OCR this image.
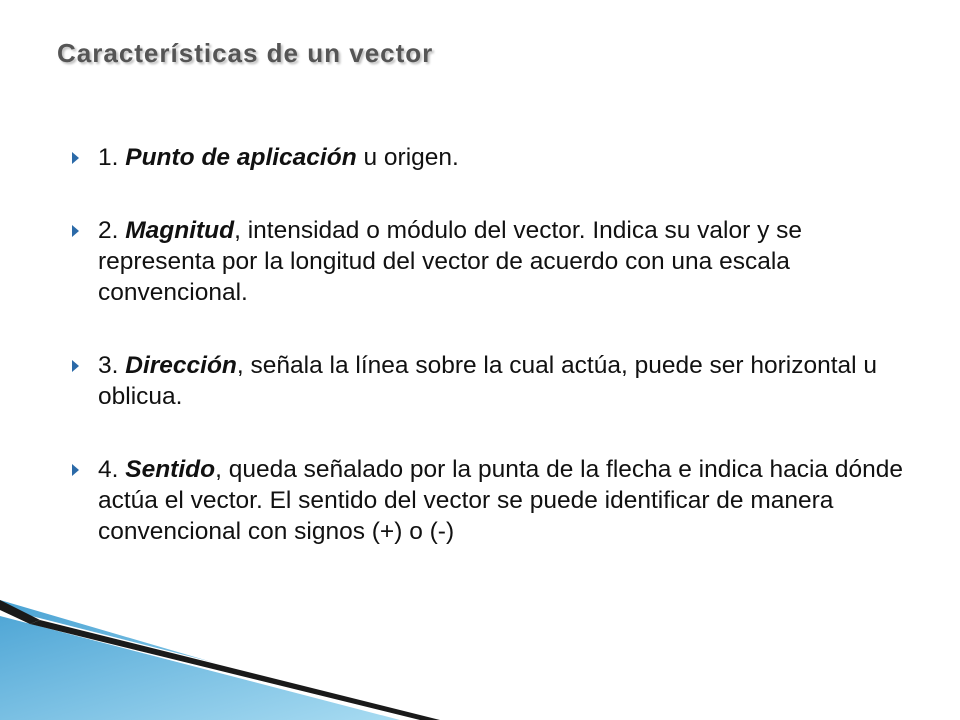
Características de un vector
1. Punto de aplicación u origen.
2. Magnitud, intensidad o módulo del vector. Indica su valor y se representa por la longitud del vector de acuerdo con una escala convencional.
3. Dirección, señala la línea sobre la cual actúa, puede ser horizontal u oblicua.
4. Sentido, queda señalado por la punta de la flecha e indica hacia dónde actúa el vector. El sentido del vector se puede identificar de manera convencional con signos (+) o (-)
